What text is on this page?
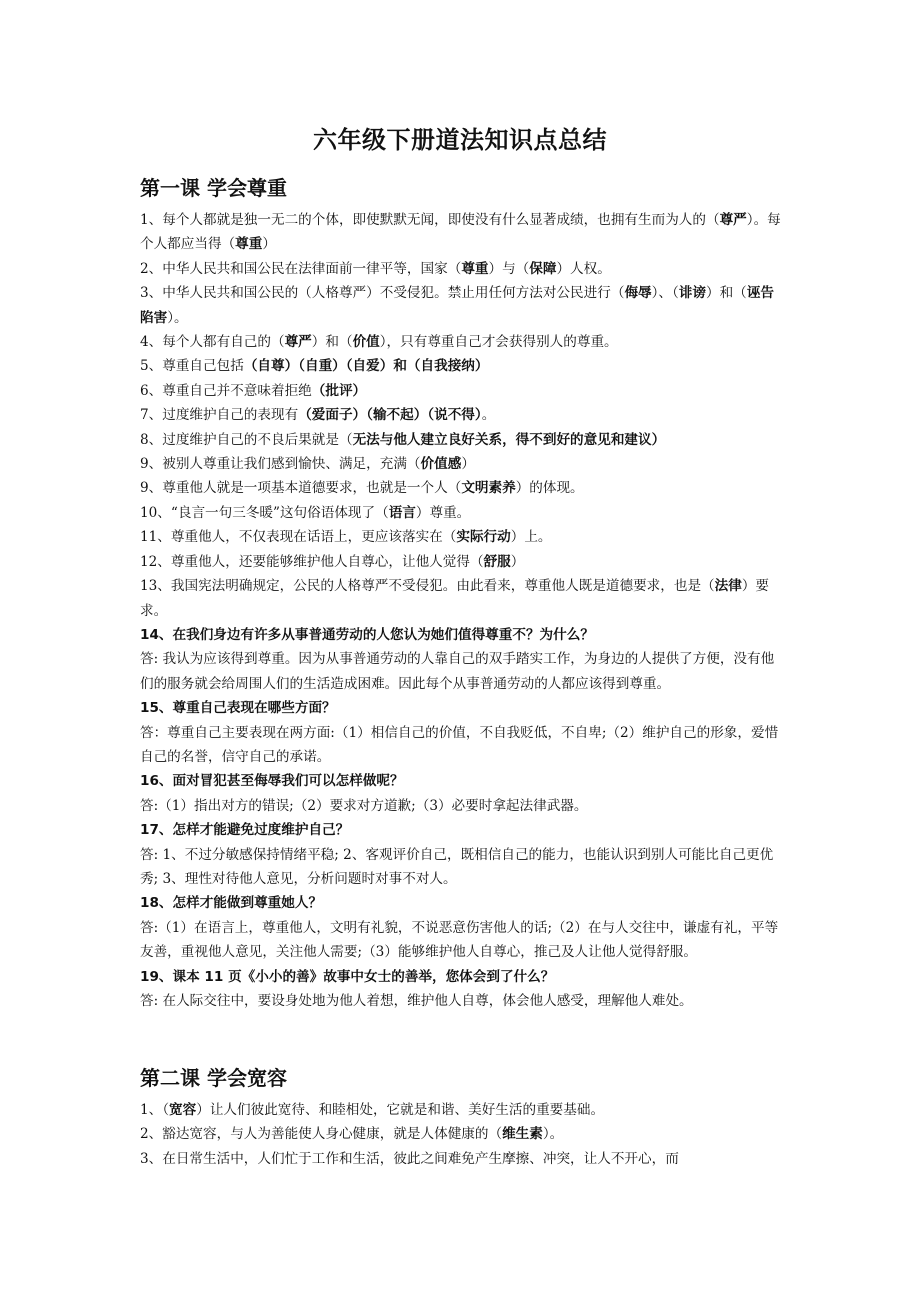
六年级下册道法知识点总结
第一课 学会尊重
1、每个人都就是独一无二的个体，即使默默无闻，即使没有什么显著成绩，也拥有生而为人的（尊严）。每个人都应当得（尊重）
2、中华人民共和国公民在法律面前一律平等，国家（尊重）与（保障）人权。
3、中华人民共和国公民的（人格尊严）不受侵犯。禁止用任何方法对公民进行（侮辱）、（诽谤）和（诬告陷害）。
4、每个人都有自己的（尊严）和（价值），只有尊重自己才会获得别人的尊重。
5、尊重自己包括（自尊）（自重）（自爱）和（自我接纳）
6、尊重自己并不意味着拒绝（批评）
7、过度维护自己的表现有（爱面子）（输不起）（说不得）。
8、过度维护自己的不良后果就是（无法与他人建立良好关系，得不到好的意见和建议）
9、被别人尊重让我们感到愉快、满足，充满（价值感）
9、尊重他人就是一项基本道德要求，也就是一个人（文明素养）的体现。
10、“良言一句三冬暖”这句俗语体现了（语言）尊重。
11、尊重他人，不仅表现在话语上，更应该落实在（实际行动）上。
12、尊重他人，还要能够维护他人自尊心，让他人觉得（舒服）
13、我国宪法明确规定，公民的人格尊严不受侵犯。由此看来，尊重他人既是道德要求，也是（法律）要求。
14、在我们身边有许多从事普通劳动的人您认为她们值得尊重不？为什么？
答: 我认为应该得到尊重。因为从事普通劳动的人靠自己的双手踏实工作，为身边的人提供了方便，没有他们的服务就会给周围人们的生活造成困难。因此每个从事普通劳动的人都应该得到尊重。
15、尊重自己表现在哪些方面？
答：尊重自己主要表现在两方面:（1）相信自己的价值，不自我贬低，不自卑;（2）维护自己的形象，爱惜自己的名誉，信守自己的承诺。
16、面对冒犯甚至侮辱我们可以怎样做呢？
答:（1）指出对方的错误;（2）要求对方道歉;（3）必要时拿起法律武器。
17、怎样才能避免过度维护自己？
答: 1、不过分敏感保持情绪平稳; 2、客观评价自己，既相信自己的能力，也能认识到别人可能比自己更优秀; 3、理性对待他人意见，分析问题时对事不对人。
18、怎样才能做到尊重她人？
答:（1）在语言上，尊重他人，文明有礼貌，不说恶意伤害他人的话;（2）在与人交往中，谦虚有礼，平等友善，重视他人意见，关注他人需要;（3）能够维护他人自尊心，推己及人让他人觉得舒服。
19、课本 11 页《小小的善》故事中女士的善举，您体会到了什么？
答: 在人际交往中，要设身处地为他人着想，维护他人自尊，体会他人感受，理解他人难处。
第二课 学会宽容
1、（宽容）让人们彼此宽待、和睦相处，它就是和谐、美好生活的重要基础。
2、豁达宽容，与人为善能使人身心健康，就是人体健康的（维生素）。
3、在日常生活中，人们忙于工作和生活，彼此之间难免产生摩擦、冲突，让人不开心，而
